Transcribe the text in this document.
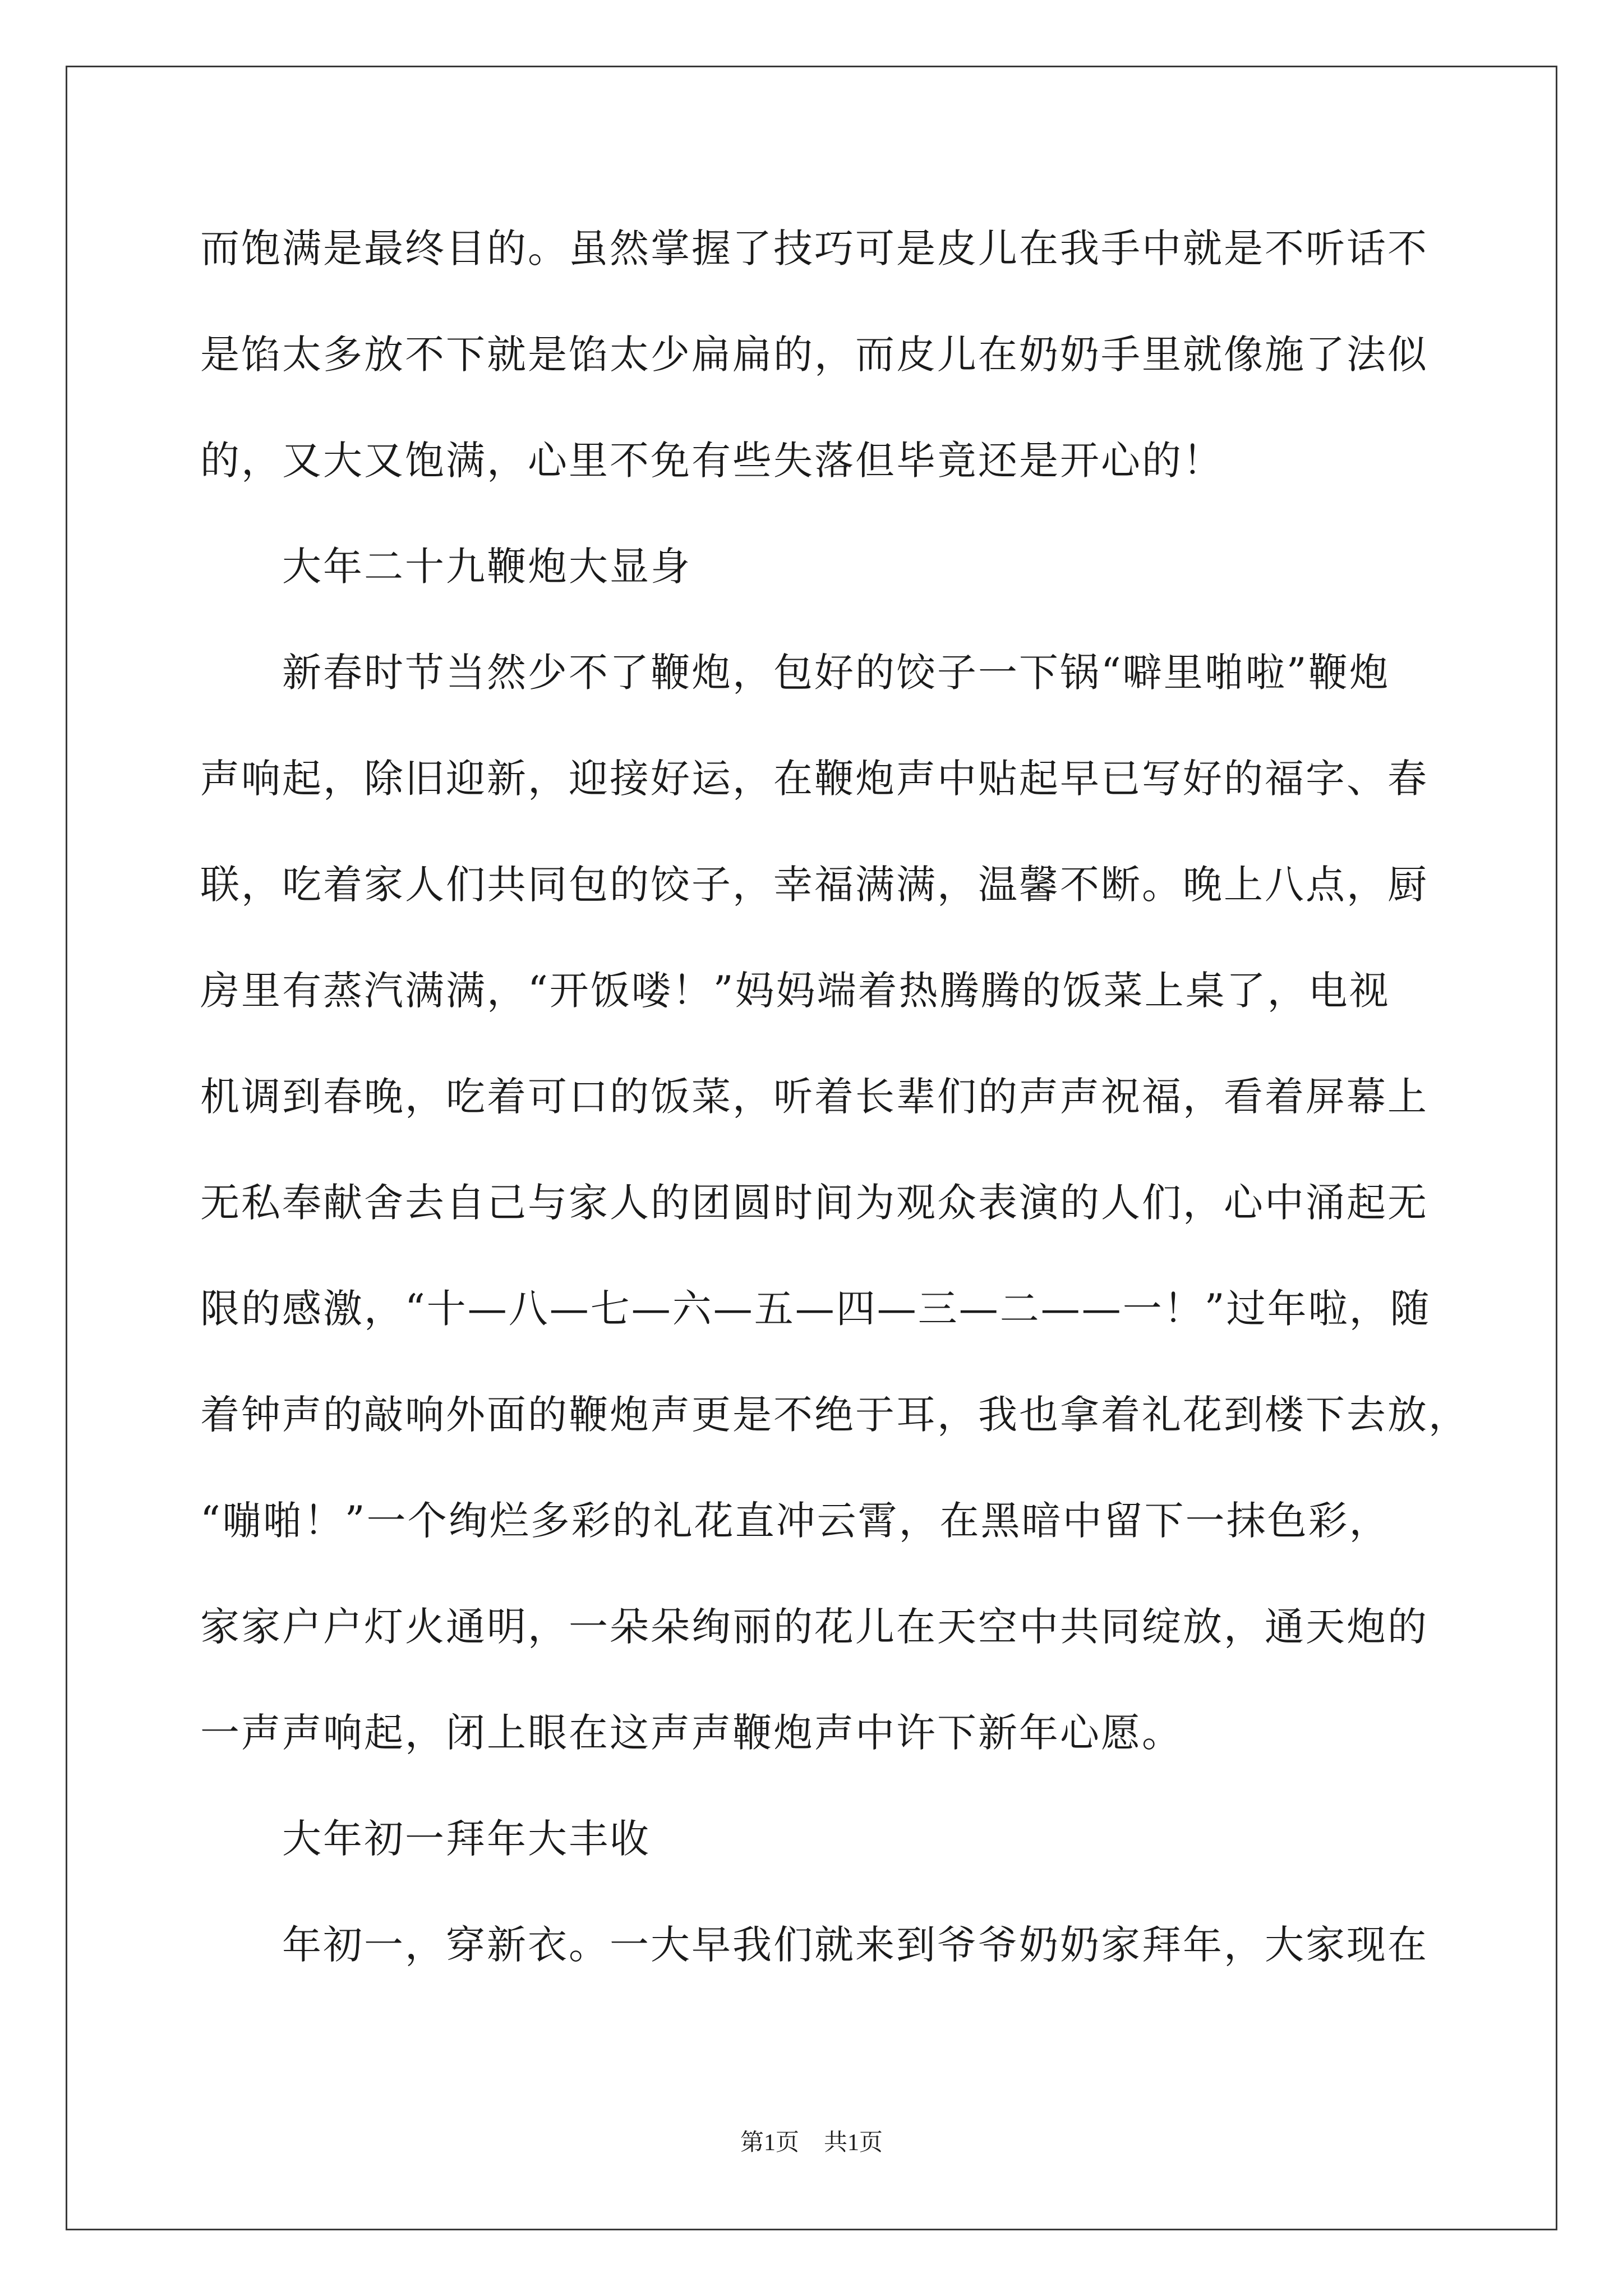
而饱满是最终目的。虽然掌握了技巧可是皮儿在我手中就是不听话不
是馅太多放不下就是馅太少扁扁的，而皮儿在奶奶手里就像施了法似
的，又大又饱满，心里不免有些失落但毕竟还是开心的！
大年二十九鞭炮大显身
新春时节当然少不了鞭炮，包好的饺子一下锅“噼里啪啦”鞭炮
声响起，除旧迎新，迎接好运，在鞭炮声中贴起早已写好的福字、春
联，吃着家人们共同包的饺子，幸福满满，温馨不断。晚上八点，厨
房里有蒸汽满满，“开饭喽！”妈妈端着热腾腾的饭菜上桌了，电视
机调到春晚，吃着可口的饭菜，听着长辈们的声声祝福，看着屏幕上
无私奉献舍去自己与家人的团圆时间为观众表演的人们，心中涌起无
限的感激，“十—八—七—六—五—四—三—二——一！”过年啦，随
着钟声的敲响外面的鞭炮声更是不绝于耳，我也拿着礼花到楼下去放，
“嘣啪！”一个绚烂多彩的礼花直冲云霄，在黑暗中留下一抹色彩，
家家户户灯火通明，一朵朵绚丽的花儿在天空中共同绽放，通天炮的
一声声响起，闭上眼在这声声鞭炮声中许下新年心愿。
大年初一拜年大丰收
年初一，穿新衣。一大早我们就来到爷爷奶奶家拜年，大家现在
第1页 共1页
